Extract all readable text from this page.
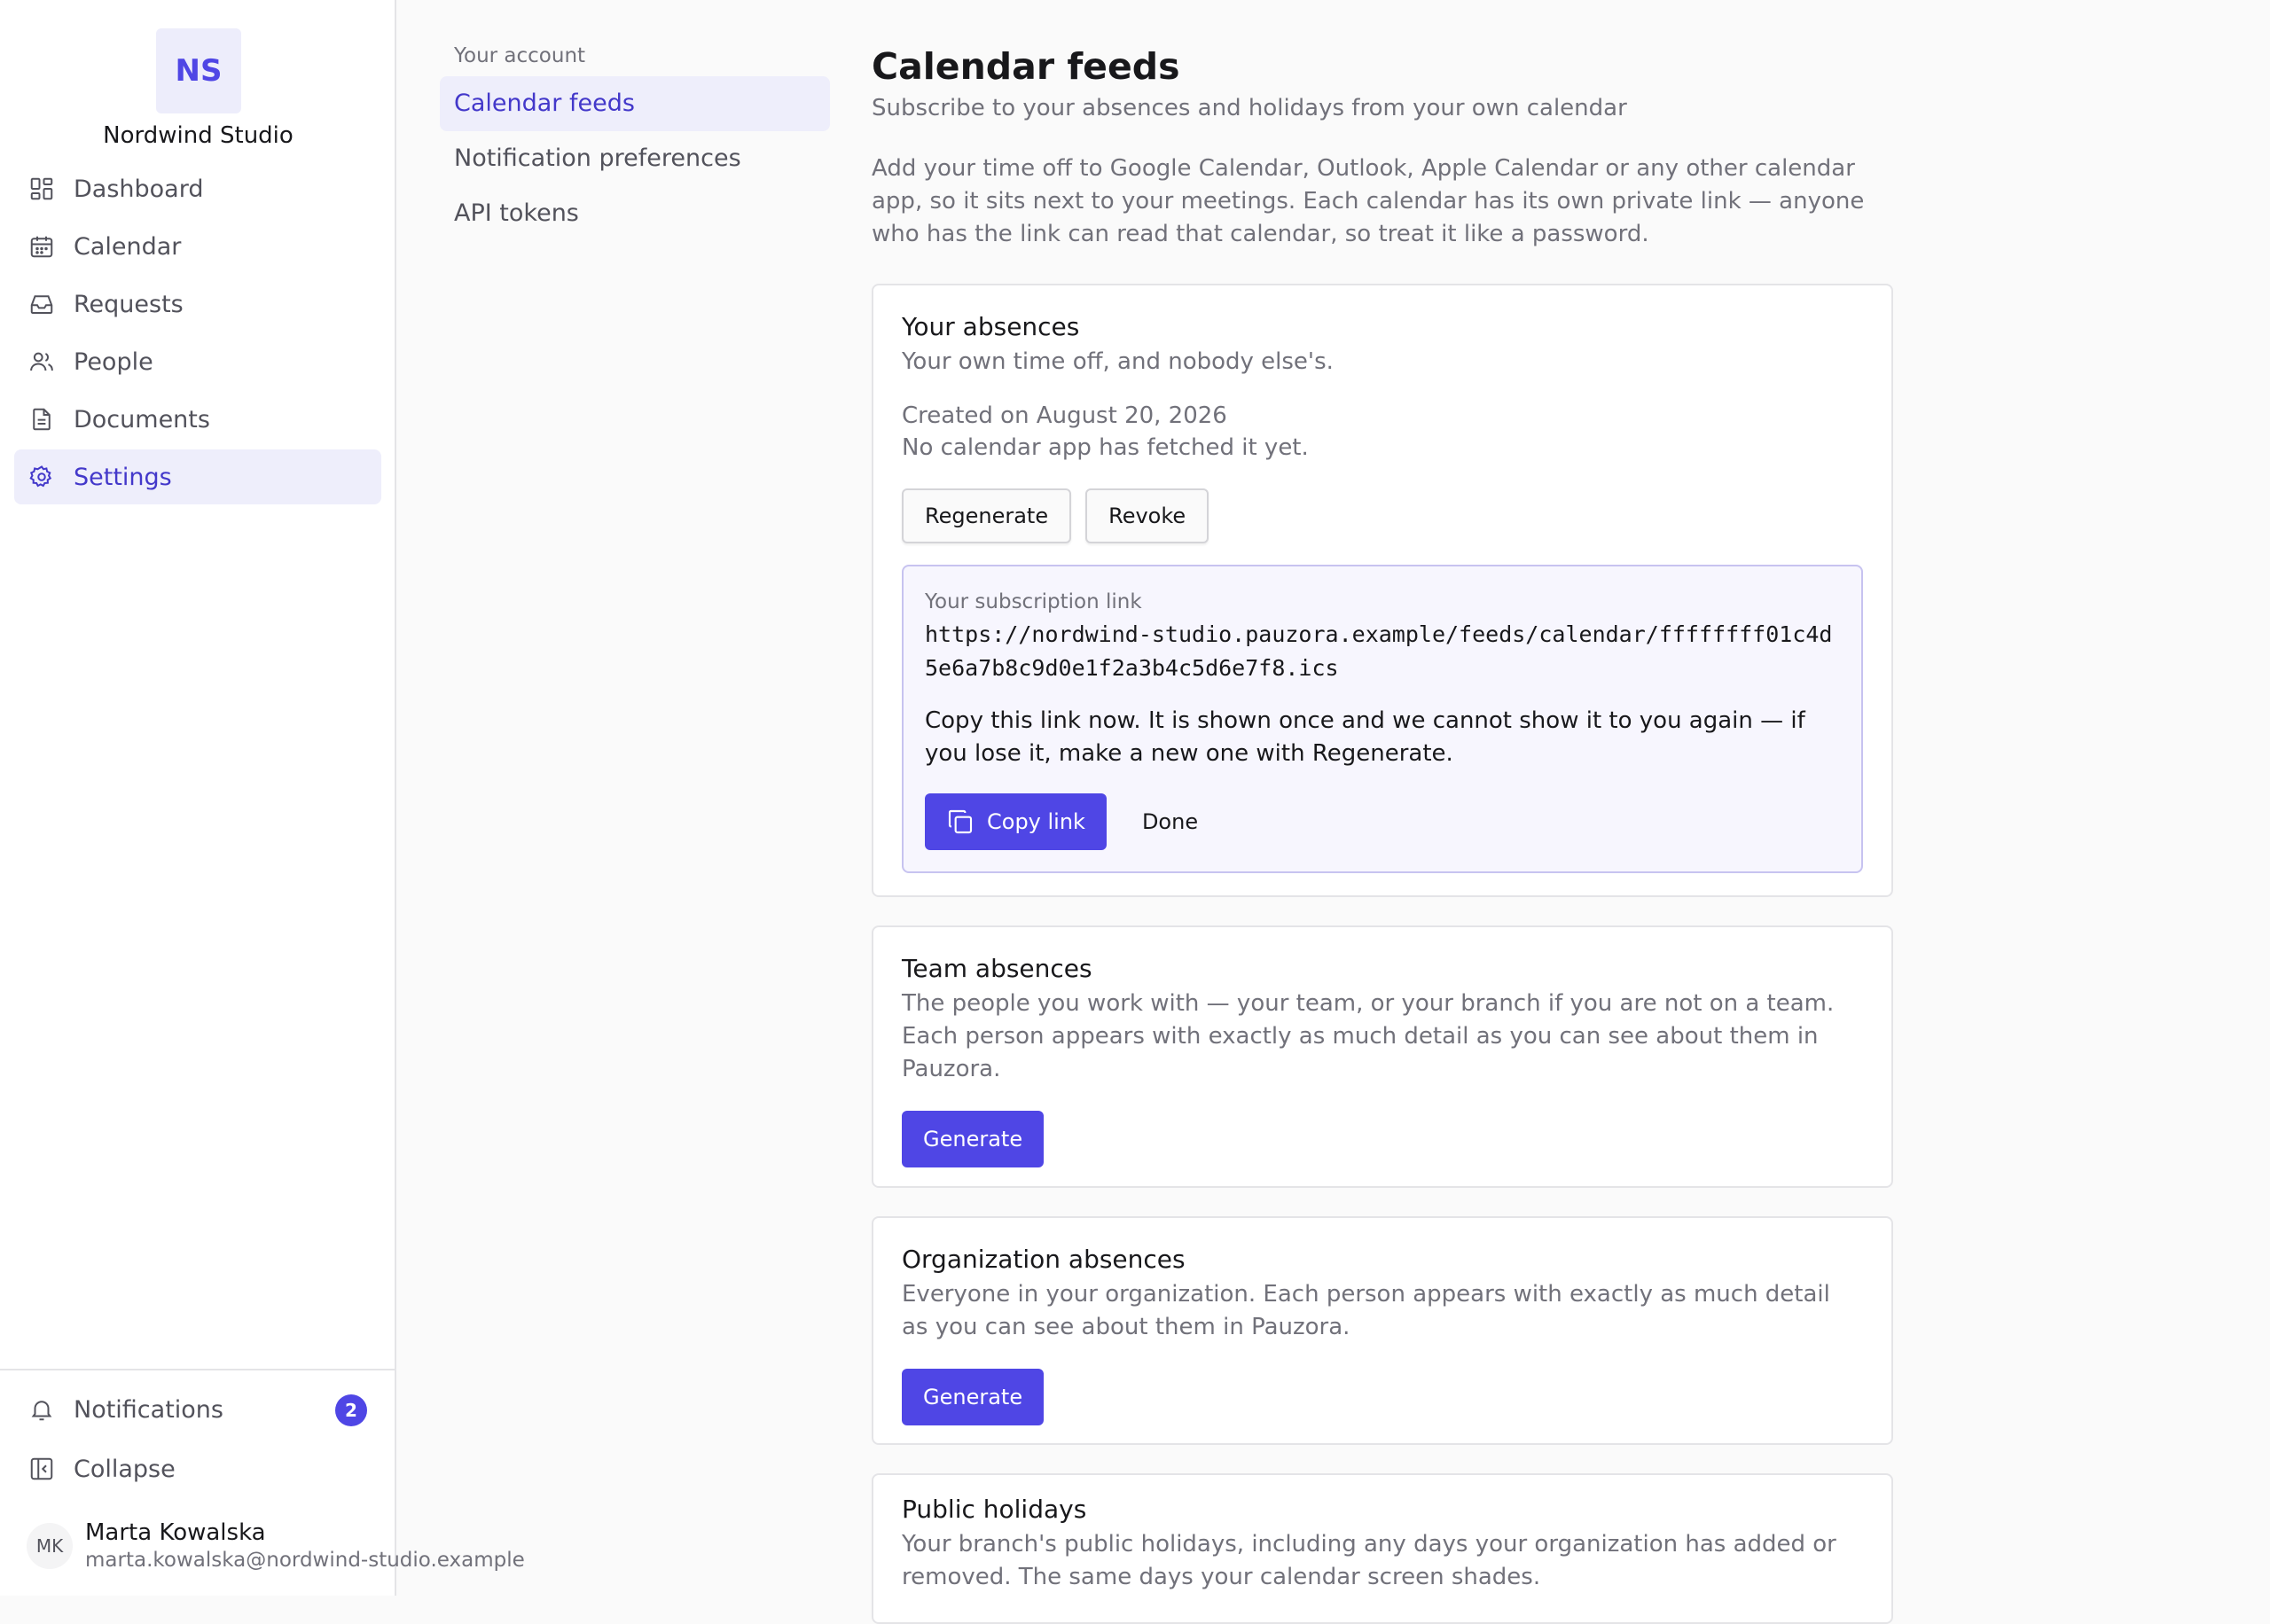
NS
Nordwind Studio
Dashboard
Calendar
Requests
People
Documents
Settings
Notifications	2
Collapse
MK Marta Kowalska
marta.kowalska@nordwind-studio.example
Your account
Calendar feeds
Notification preferences
API tokens
Calendar feeds

Subscribe to your absences and holidays from your own calendar

Add your time off to Google Calendar, Outlook, Apple Calendar or any other calendar app, so it sits next to your meetings. Each calendar has its own private link — anyone who has the link can read that calendar, so treat it like a password.

Your absences
Your own time off, and nobody else's.
Created on August 20, 2026
No calendar app has fetched it yet.
Regenerate	Revoke
Your subscription link
https://nordwind-studio.pauzora.example/feeds/calendar/ffffffff01c4d5e6a7b8c9d0e1f2a3b4c5d6e7f8.ics
Copy this link now. It is shown once and we cannot show it to you again — if you lose it, make a new one with Regenerate.
Copy link	Done
Team absences
The people you work with — your team, or your branch if you are not on a team. Each person appears with exactly as much detail as you can see about them in Pauzora.
Generate
Organization absences
Everyone in your organization. Each person appears with exactly as much detail as you can see about them in Pauzora.
Generate
Public holidays
Your branch's public holidays, including any days your organization has added or removed. The same days your calendar screen shades.
